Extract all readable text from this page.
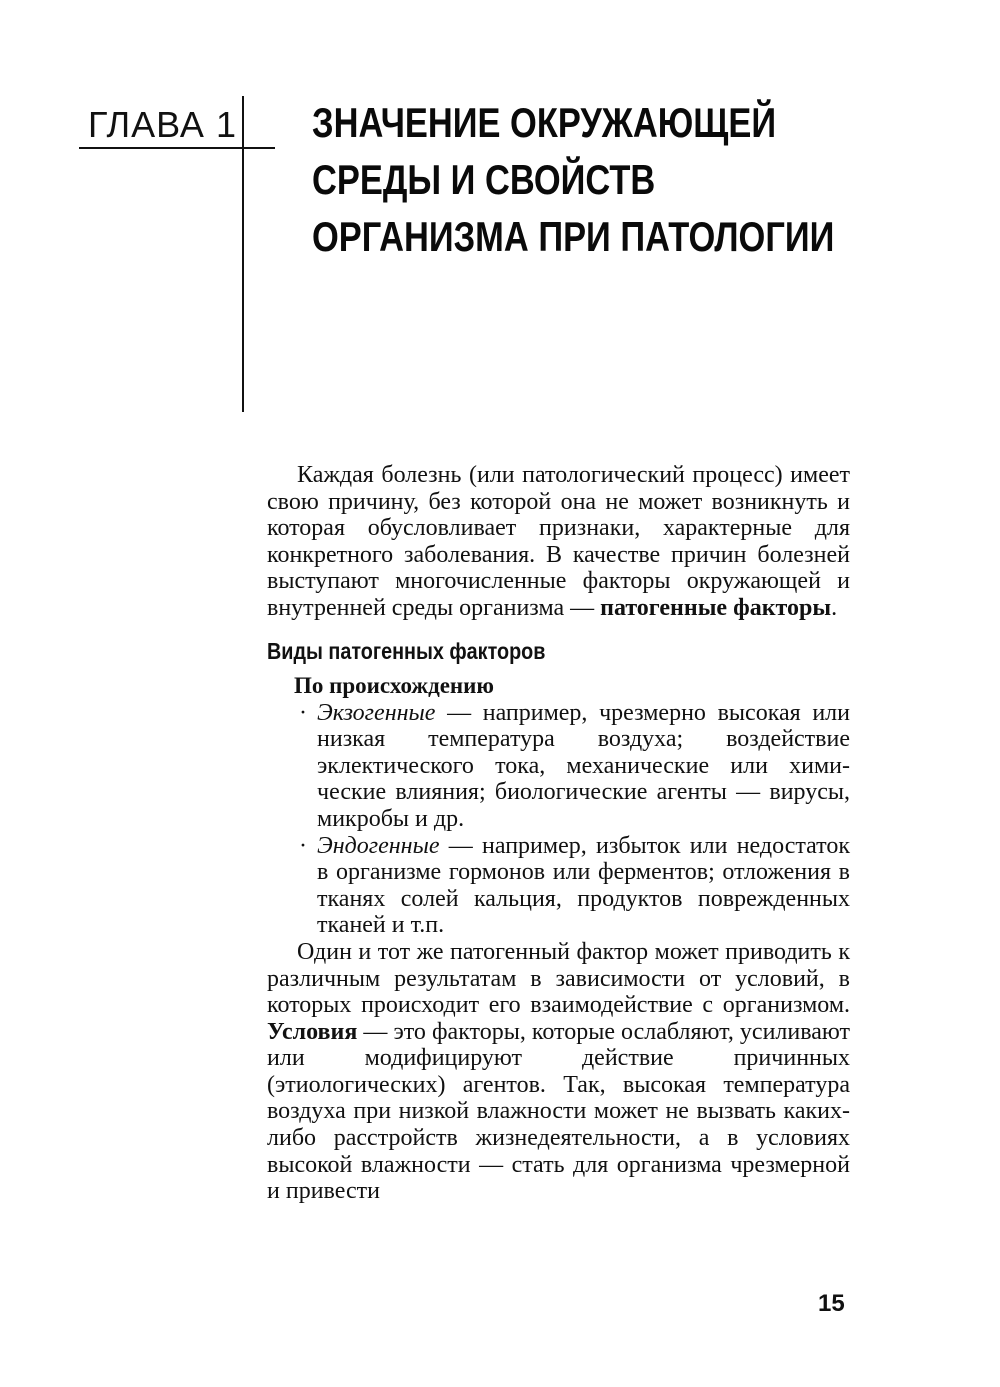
ГЛАВА 1 ЗНАЧЕНИЕ ОКРУЖАЮЩЕЙ
СРЕДЫ И СВОЙСТВ
ОРГАНИЗМА ПРИ ПАТОЛОГИИ

Каждая болезнь (или патологический процесс) имеет свою причину, без которой она не может возникнуть и которая обусловливает признаки, характерные для конкретного заболевания. В качестве причин болезней выступают многочисленные факторы окружающей и внутренней среды организма — патогенные факторы.

Виды патогенных факторов
По происхождению
· Экзогенные — например, чрезмерно высокая или низкая температура воздуха; воздействие эклектического тока, механические или химические влияния; биологические агенты — вирусы, микробы и др.
· Эндогенные — например, избыток или недостаток в организме гормонов или ферментов; отложения в тканях солей кальция, продуктов поврежденных тканей и т.п.

Один и тот же патогенный фактор может приводить к различным результатам в зависимости от условий, в которых происходит его взаимодействие с организмом. Условия — это факторы, которые ослабляют, усиливают или модифицируют действие причинных (этиологических) агентов. Так, высокая температура воздуха при низкой влажности может не вызвать каких-либо расстройств жизнедеятельности, а в условиях высокой влажности — стать для организма чрезмерной и привести

15
